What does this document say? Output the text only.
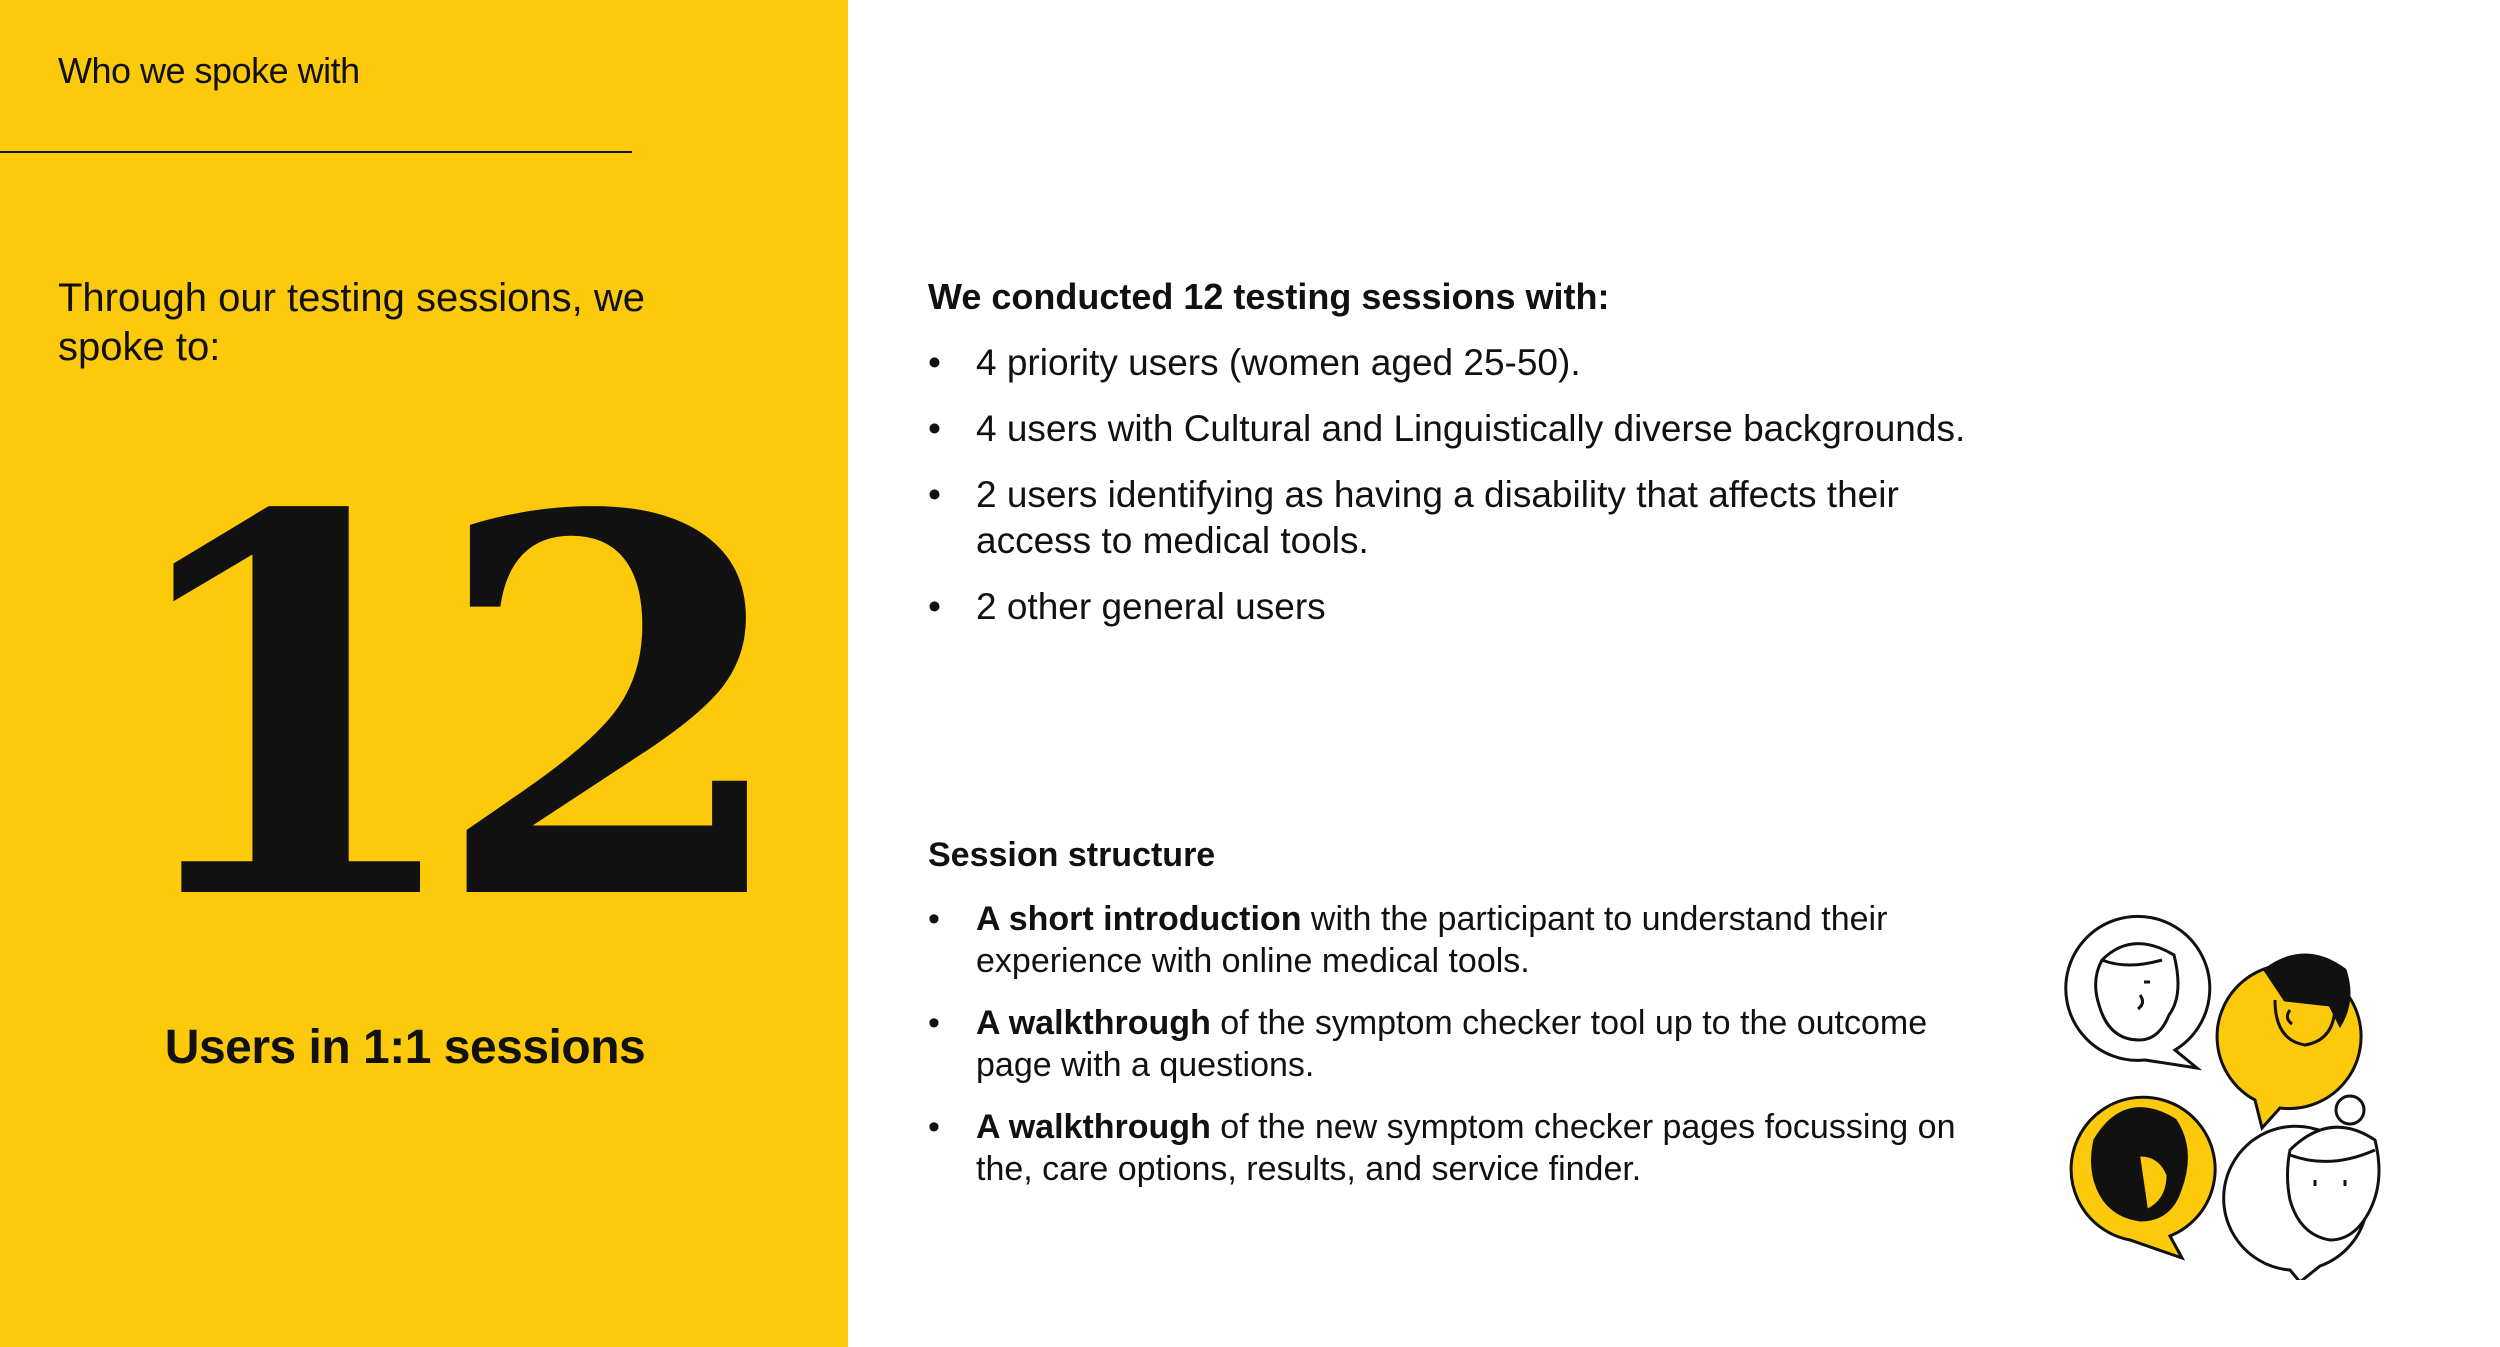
Who we spoke with
Through our testing sessions, we spoke to:
12
Users in 1:1 sessions
We conducted 12 testing sessions with:
• 4 priority users (women aged 25-50).
• 4 users with Cultural and Linguistically diverse backgrounds.
• 2 users identifying as having a disability that affects their access to medical tools.
• 2 other general users
Session structure
• A short introduction with the participant to understand their experience with online medical tools.
• A walkthrough of the symptom checker tool up to the outcome page with a questions.
• A walkthrough of the new symptom checker pages focussing on the, care options, results, and service finder.
